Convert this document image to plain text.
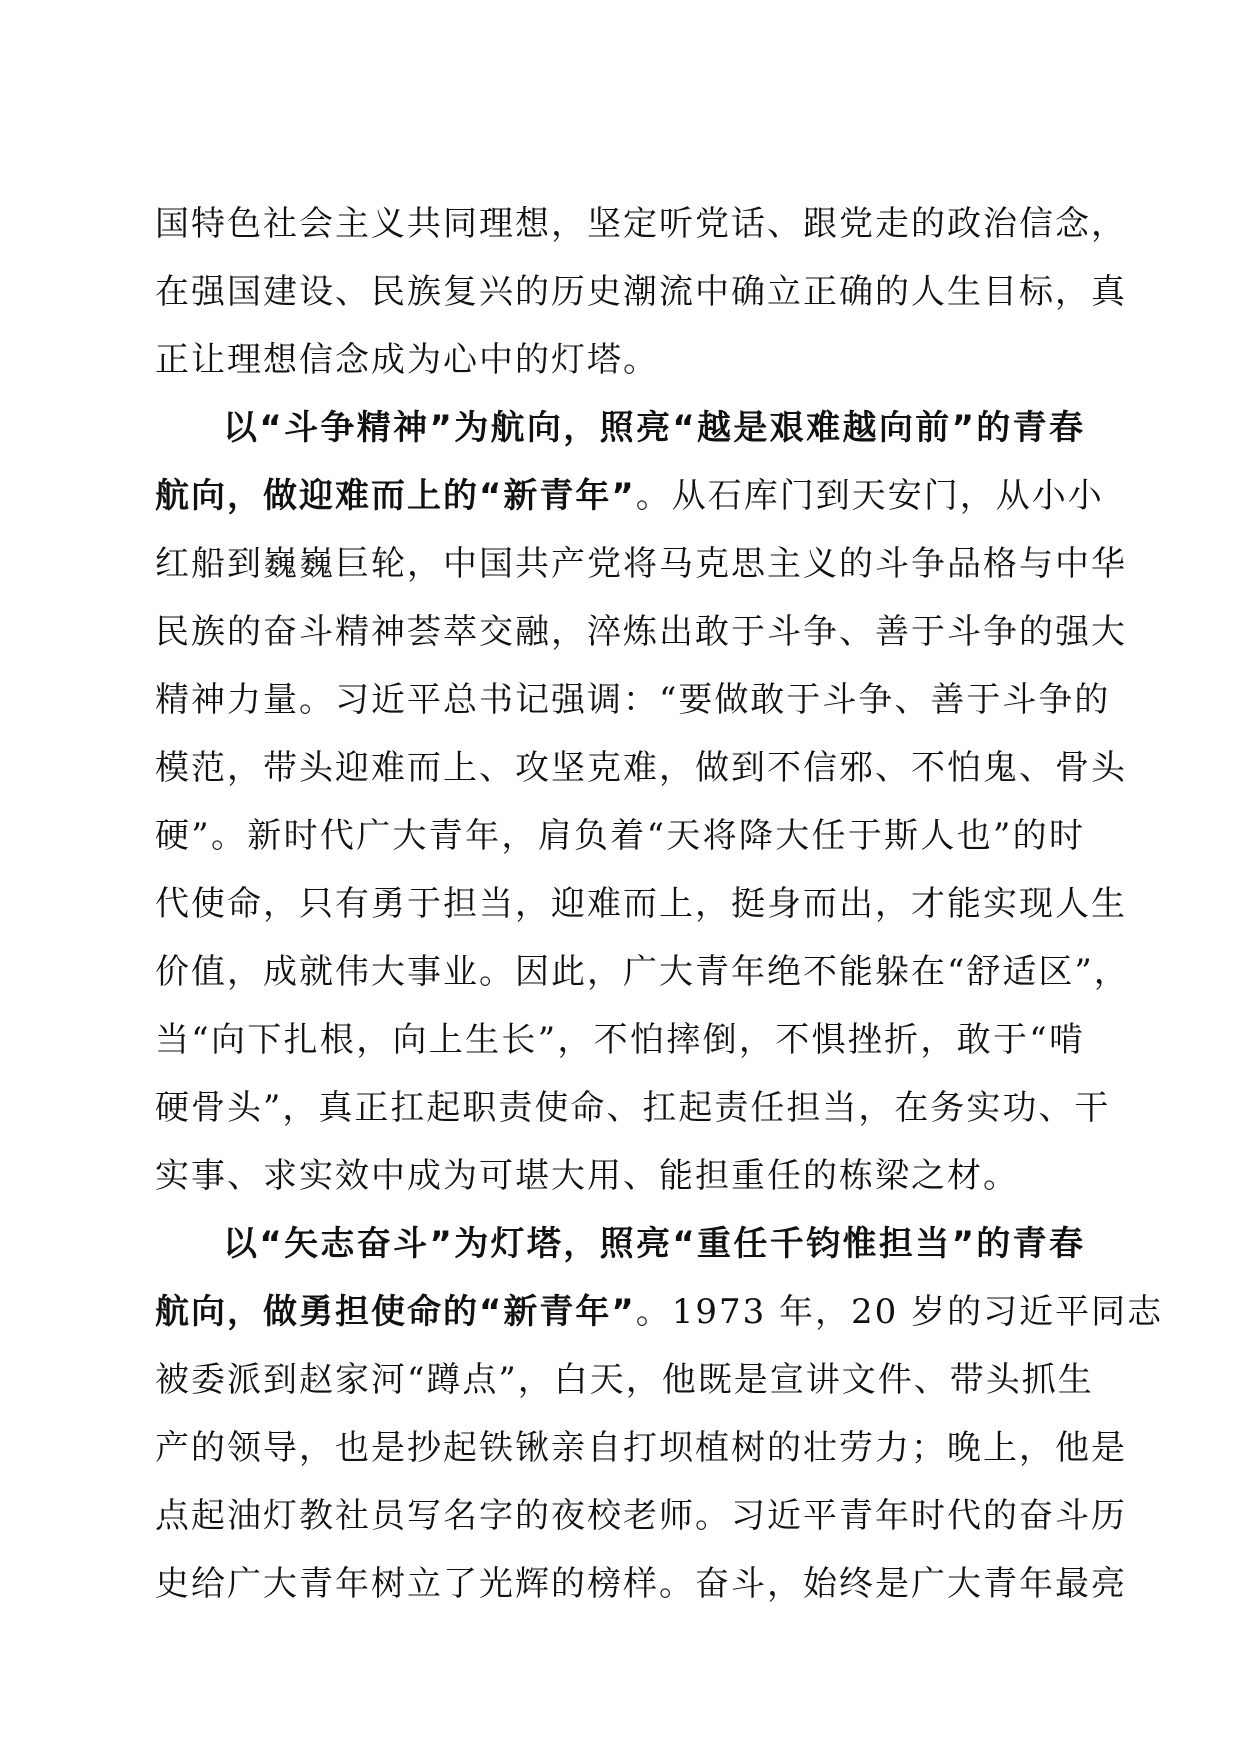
国特色社会主义共同理想，坚定听党话、跟党走的政治信念，
在强国建设、民族复兴的历史潮流中确立正确的人生目标，真
正让理想信念成为心中的灯塔。
以“斗争精神”为航向，照亮“越是艰难越向前”的青春
航向，做迎难而上的“新青年”。从石库门到天安门，从小小
红船到巍巍巨轮，中国共产党将马克思主义的斗争品格与中华
民族的奋斗精神荟萃交融，淬炼出敢于斗争、善于斗争的强大
精神力量。习近平总书记强调：“要做敢于斗争、善于斗争的
模范，带头迎难而上、攻坚克难，做到不信邪、不怕鬼、骨头
硬”。新时代广大青年，肩负着“天将降大任于斯人也”的时
代使命，只有勇于担当，迎难而上，挺身而出，才能实现人生
价值，成就伟大事业。因此，广大青年绝不能躲在“舒适区”，
当“向下扎根，向上生长”，不怕摔倒，不惧挫折，敢于“啃
硬骨头”，真正扛起职责使命、扛起责任担当，在务实功、干
实事、求实效中成为可堪大用、能担重任的栋梁之材。
以“矢志奋斗”为灯塔，照亮“重任千钧惟担当”的青春
航向，做勇担使命的“新青年”。1973 年，20 岁的习近平同志
被委派到赵家河“蹲点”，白天，他既是宣讲文件、带头抓生
产的领导，也是抄起铁锹亲自打坝植树的壮劳力；晚上，他是
点起油灯教社员写名字的夜校老师。习近平青年时代的奋斗历
史给广大青年树立了光辉的榜样。奋斗，始终是广大青年最亮
